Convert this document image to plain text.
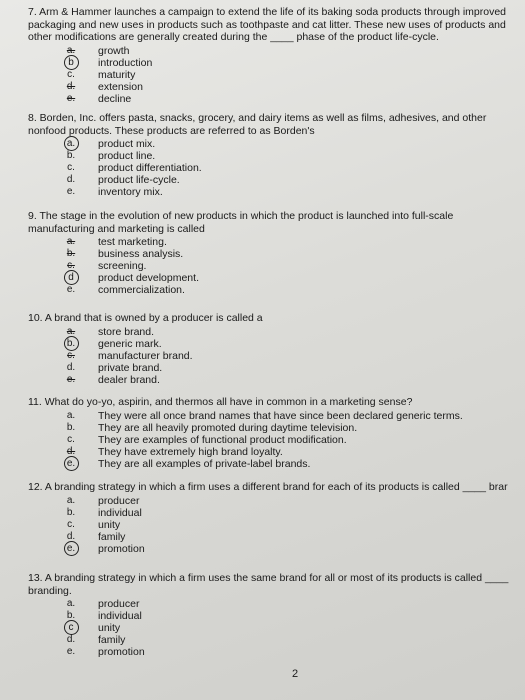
7. Arm & Hammer launches a campaign to extend the life of its baking soda products through improved packaging and new uses in products such as toothpaste and cat litter. These new uses of products and other modifications are generally created during the ____ phase of the product life-cycle.

a.	growth
b	introduction
c.	maturity
d.	extension
e.	decline

8. Borden, Inc. offers pasta, snacks, grocery, and dairy items as well as films, adhesives, and other nonfood products. These products are referred to as Borden's

a.	product mix.
b.	product line.
c.	product differentiation.
d.	product life-cycle.
e.	inventory mix.

9. The stage in the evolution of new products in which the product is launched into full-scale manufacturing and marketing is called

a.	test marketing.
b.	business analysis.
c.	screening.
d	product development.
e.	commercialization.

10. A brand that is owned by a producer is called a

a.	store brand.
b.	generic mark.
c.	manufacturer brand.
d.	private brand.
e.	dealer brand.

11. What do yo-yo, aspirin, and thermos all have in common in a marketing sense?

a.	They were all once brand names that have since been declared generic terms.
b.	They are all heavily promoted during daytime television.
c.	They are examples of functional product modification.
d.	They have extremely high brand loyalty.
e.	They are all examples of private-label brands.

12. A branding strategy in which a firm uses a different brand for each of its products is called ____ brar

a.	producer
b.	individual
c.	unity
d.	family
e.	promotion

13. A branding strategy in which a firm uses the same brand for all or most of its products is called ____ branding.

a.	producer
b.	individual
c	unity
d.	family
e.	promotion
2
